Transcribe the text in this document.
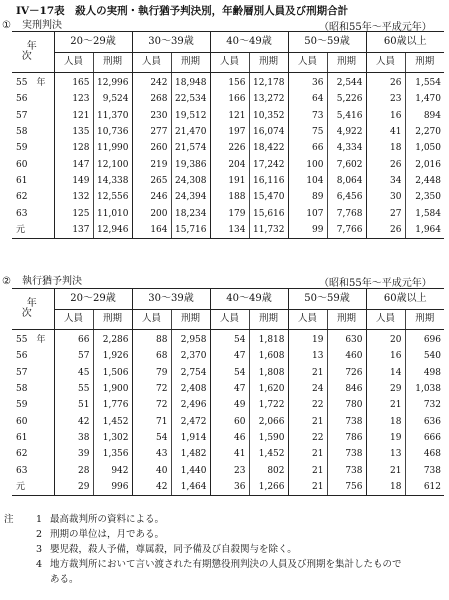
IV－17表　殺人の実刑・執行猶予判決別，年齢層別人員及び刑期合計
① 実刑判決	（昭和55年～平成元年）
年　次	20～29歳		30～39歳		40～49歳		50～59歳		60歳以上	
	人員	刑期	人員	刑期	人員	刑期	人員	刑期	人員	刑期
55　年	165	12,996	242	18,948	156	12,178	36	2,544	26	1,554
56	123	9,524	268	22,534	166	13,272	64	5,226	23	1,470
57	121	11,370	230	19,512	121	10,352	73	5,416	16	894
58	135	10,736	277	21,470	197	16,074	75	4,922	41	2,270
59	128	11,990	260	21,574	226	18,422	66	4,334	18	1,050
60	147	12,100	219	19,386	204	17,242	100	7,602	26	2,016
61	149	14,338	265	24,308	191	16,116	104	8,064	34	2,448
62	132	12,556	246	24,394	188	15,470	89	6,456	30	2,350
63	125	11,010	200	18,234	179	15,616	107	7,768	27	1,584
元	137	12,946	164	15,716	134	11,732	99	7,766	26	1,964
② 執行猶予判決	（昭和55年～平成元年）
年　次	20～29歳		30～39歳		40～49歳		50～59歳		60歳以上	
	人員	刑期	人員	刑期	人員	刑期	人員	刑期	人員	刑期
55　年	66	2,286	88	2,958	54	1,818	19	630	20	696
56	57	1,926	68	2,370	47	1,608	13	460	16	540
57	45	1,506	79	2,754	54	1,808	21	726	14	498
58	55	1,900	72	2,408	47	1,620	24	846	29	1,038
59	51	1,776	72	2,496	49	1,722	22	780	21	732
60	42	1,452	71	2,472	60	2,066	21	738	18	636
61	38	1,302	54	1,914	46	1,590	22	786	19	666
62	39	1,356	43	1,482	41	1,452	21	738	13	468
63	28	942	40	1,440	23	802	21	738	21	738
元	29	996	42	1,464	36	1,266	21	756	18	612
注	1 最高裁判所の資料による。
2 刑期の単位は，月である。
3 嬰児殺，殺人予備，尊属殺，同予備及び自殺関与を除く。
4 地方裁判所において言い渡された有期懲役刑判決の人員及び刑期を集計したものである。
